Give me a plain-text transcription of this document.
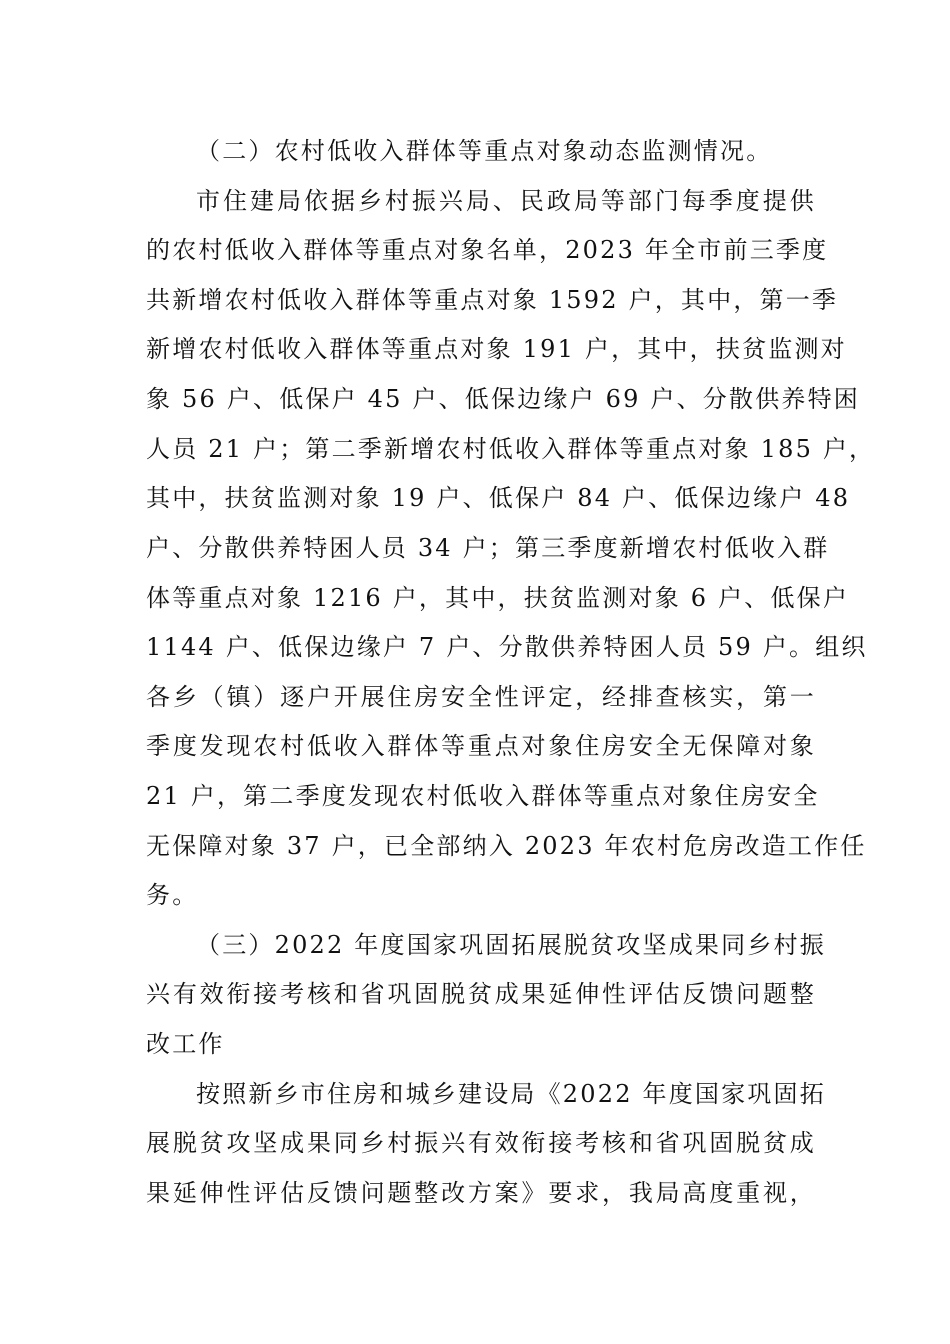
（二）农村低收入群体等重点对象动态监测情况。
市住建局依据乡村振兴局、民政局等部门每季度提供
的农村低收入群体等重点对象名单，2023 年全市前三季度
共新增农村低收入群体等重点对象 1592 户，其中，第一季
新增农村低收入群体等重点对象 191 户，其中，扶贫监测对
象 56 户、低保户 45 户、低保边缘户 69 户、分散供养特困
人员 21 户；第二季新增农村低收入群体等重点对象 185 户，
其中，扶贫监测对象 19 户、低保户 84 户、低保边缘户 48
户、分散供养特困人员 34 户；第三季度新增农村低收入群
体等重点对象 1216 户，其中，扶贫监测对象 6 户、低保户
1144 户、低保边缘户 7 户、分散供养特困人员 59 户。组织
各乡（镇）逐户开展住房安全性评定，经排查核实，第一
季度发现农村低收入群体等重点对象住房安全无保障对象
21 户，第二季度发现农村低收入群体等重点对象住房安全
无保障对象 37 户，已全部纳入 2023 年农村危房改造工作任
务。
（三）2022 年度国家巩固拓展脱贫攻坚成果同乡村振
兴有效衔接考核和省巩固脱贫成果延伸性评估反馈问题整
改工作
按照新乡市住房和城乡建设局《2022 年度国家巩固拓
展脱贫攻坚成果同乡村振兴有效衔接考核和省巩固脱贫成
果延伸性评估反馈问题整改方案》要求，我局高度重视，
